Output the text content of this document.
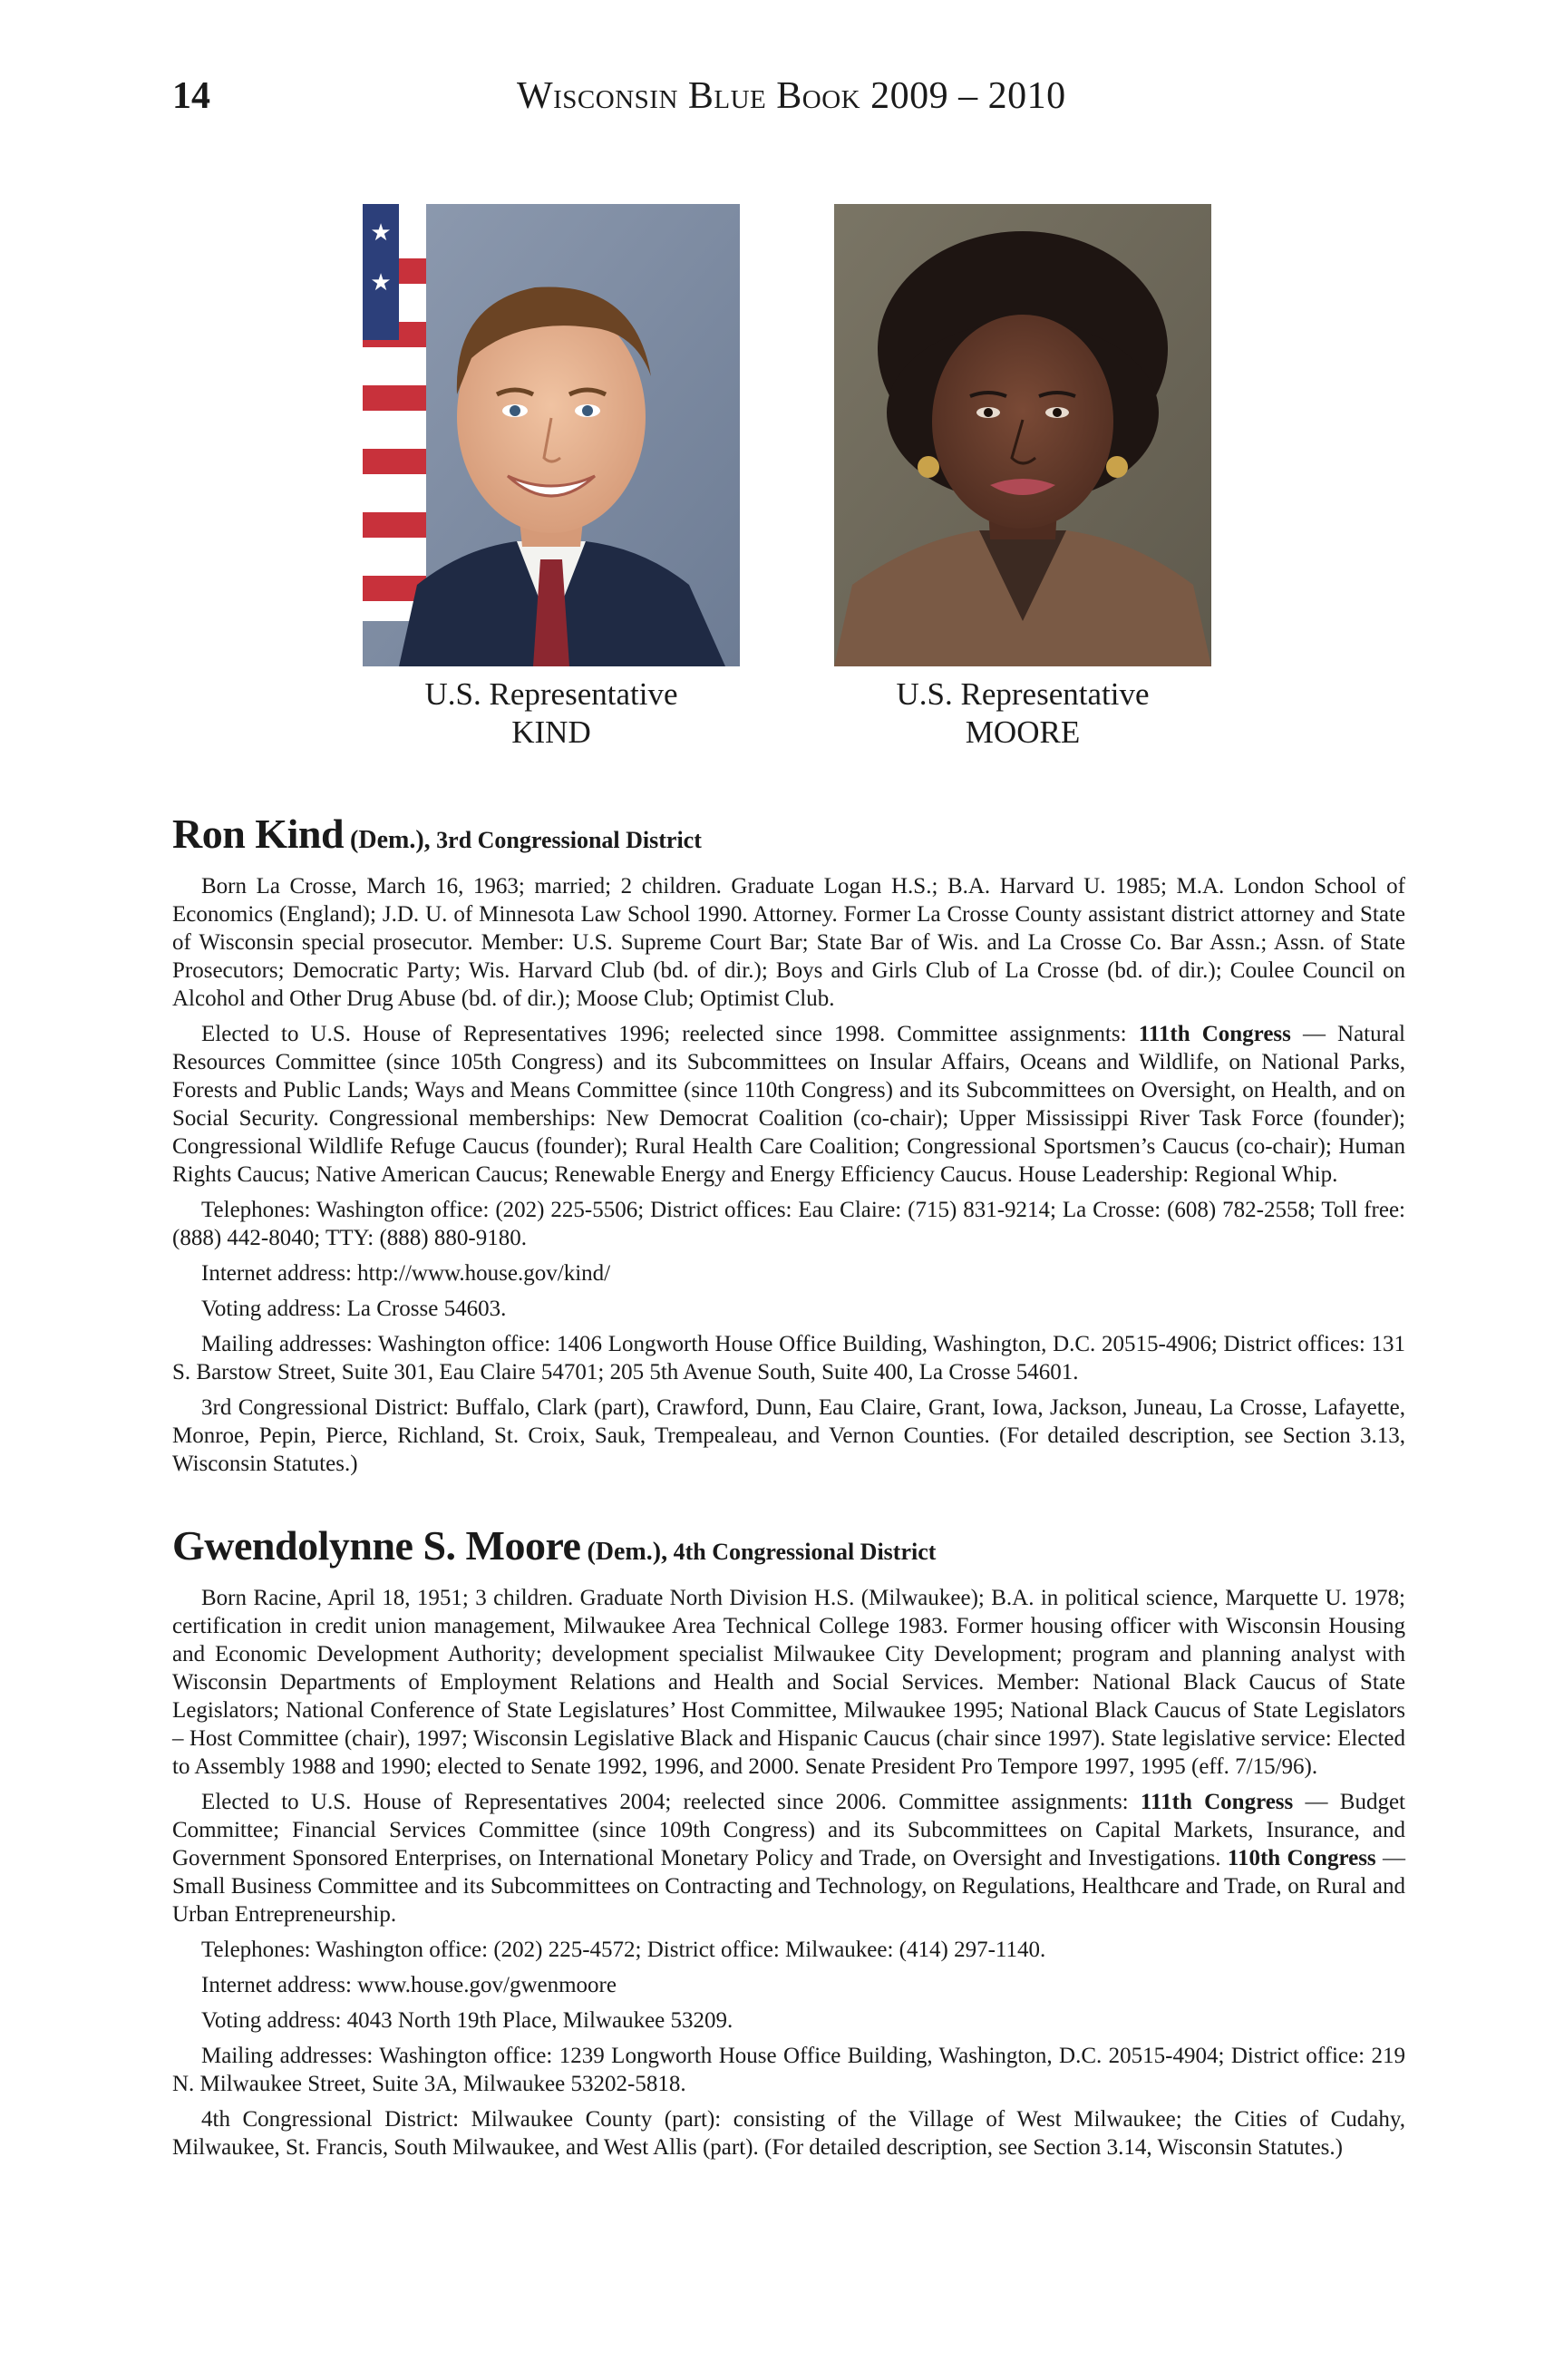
14	Wisconsin Blue Book 2009 – 2010
★
★
U.S. Representative
KIND
U.S. Representative
MOORE
Ron Kind (Dem.), 3rd Congressional District

Born La Crosse, March 16, 1963; married; 2 children. Graduate Logan H.S.; B.A. Harvard U. 1985; M.A. London School of Economics (England); J.D. U. of Minnesota Law School 1990. Attorney. Former La Crosse County assistant district attorney and State of Wisconsin special prosecutor. Member: U.S. Supreme Court Bar; State Bar of Wis. and La Crosse Co. Bar Assn.; Assn. of State Prosecutors; Democratic Party; Wis. Harvard Club (bd. of dir.); Boys and Girls Club of La Crosse (bd. of dir.); Coulee Council on Alcohol and Other Drug Abuse (bd. of dir.); Moose Club; Optimist Club.

Elected to U.S. House of Representatives 1996; reelected since 1998. Committee assignments: 111th Congress — Natural Resources Committee (since 105th Congress) and its Subcommittees on Insular Affairs, Oceans and Wildlife, on National Parks, Forests and Public Lands; Ways and Means Committee (since 110th Congress) and its Subcommittees on Oversight, on Health, and on Social Security. Congressional memberships: New Democrat Coalition (co-chair); Upper Mississippi River Task Force (founder); Congressional Wildlife Refuge Caucus (founder); Rural Health Care Coalition; Congressional Sportsmen’s Caucus (co-chair); Human Rights Caucus; Native American Caucus; Renewable Energy and Energy Efficiency Caucus. House Leadership: Regional Whip.

Telephones: Washington office: (202) 225-5506; District offices: Eau Claire: (715) 831-9214; La Crosse: (608) 782-2558; Toll free: (888) 442-8040; TTY: (888) 880-9180.

Internet address: http://www.house.gov/kind/

Voting address: La Crosse 54603.

Mailing addresses: Washington office: 1406 Longworth House Office Building, Washington, D.C. 20515-4906; District offices: 131 S. Barstow Street, Suite 301, Eau Claire 54701; 205 5th Avenue South, Suite 400, La Crosse 54601.

3rd Congressional District: Buffalo, Clark (part), Crawford, Dunn, Eau Claire, Grant, Iowa, Jackson, Juneau, La Crosse, Lafayette, Monroe, Pepin, Pierce, Richland, St. Croix, Sauk, Trempealeau, and Vernon Counties. (For detailed description, see Section 3.13, Wisconsin Statutes.)

Gwendolynne S. Moore (Dem.), 4th Congressional District

Born Racine, April 18, 1951; 3 children. Graduate North Division H.S. (Milwaukee); B.A. in political science, Marquette U. 1978; certification in credit union management, Milwaukee Area Technical College 1983. Former housing officer with Wisconsin Housing and Economic Development Authority; development specialist Milwaukee City Development; program and planning analyst with Wisconsin Departments of Employment Relations and Health and Social Services. Member: National Black Caucus of State Legislators; National Conference of State Legislatures’ Host Committee, Milwaukee 1995; National Black Caucus of State Legislators – Host Committee (chair), 1997; Wisconsin Legislative Black and Hispanic Caucus (chair since 1997). State legislative service: Elected to Assembly 1988 and 1990; elected to Senate 1992, 1996, and 2000. Senate President Pro Tempore 1997, 1995 (eff. 7/15/96).

Elected to U.S. House of Representatives 2004; reelected since 2006. Committee assignments: 111th Congress — Budget Committee; Financial Services Committee (since 109th Congress) and its Subcommittees on Capital Markets, Insurance, and Government Sponsored Enterprises, on International Monetary Policy and Trade, on Oversight and Investigations. 110th Congress — Small Business Committee and its Subcommittees on Contracting and Technology, on Regulations, Healthcare and Trade, on Rural and Urban Entrepreneurship.

Telephones: Washington office: (202) 225-4572; District office: Milwaukee: (414) 297-1140.

Internet address: www.house.gov/gwenmoore

Voting address: 4043 North 19th Place, Milwaukee 53209.

Mailing addresses: Washington office: 1239 Longworth House Office Building, Washington, D.C. 20515-4904; District office: 219 N. Milwaukee Street, Suite 3A, Milwaukee 53202-5818.

4th Congressional District: Milwaukee County (part): consisting of the Village of West Milwaukee; the Cities of Cudahy, Milwaukee, St. Francis, South Milwaukee, and West Allis (part). (For detailed description, see Section 3.14, Wisconsin Statutes.)
